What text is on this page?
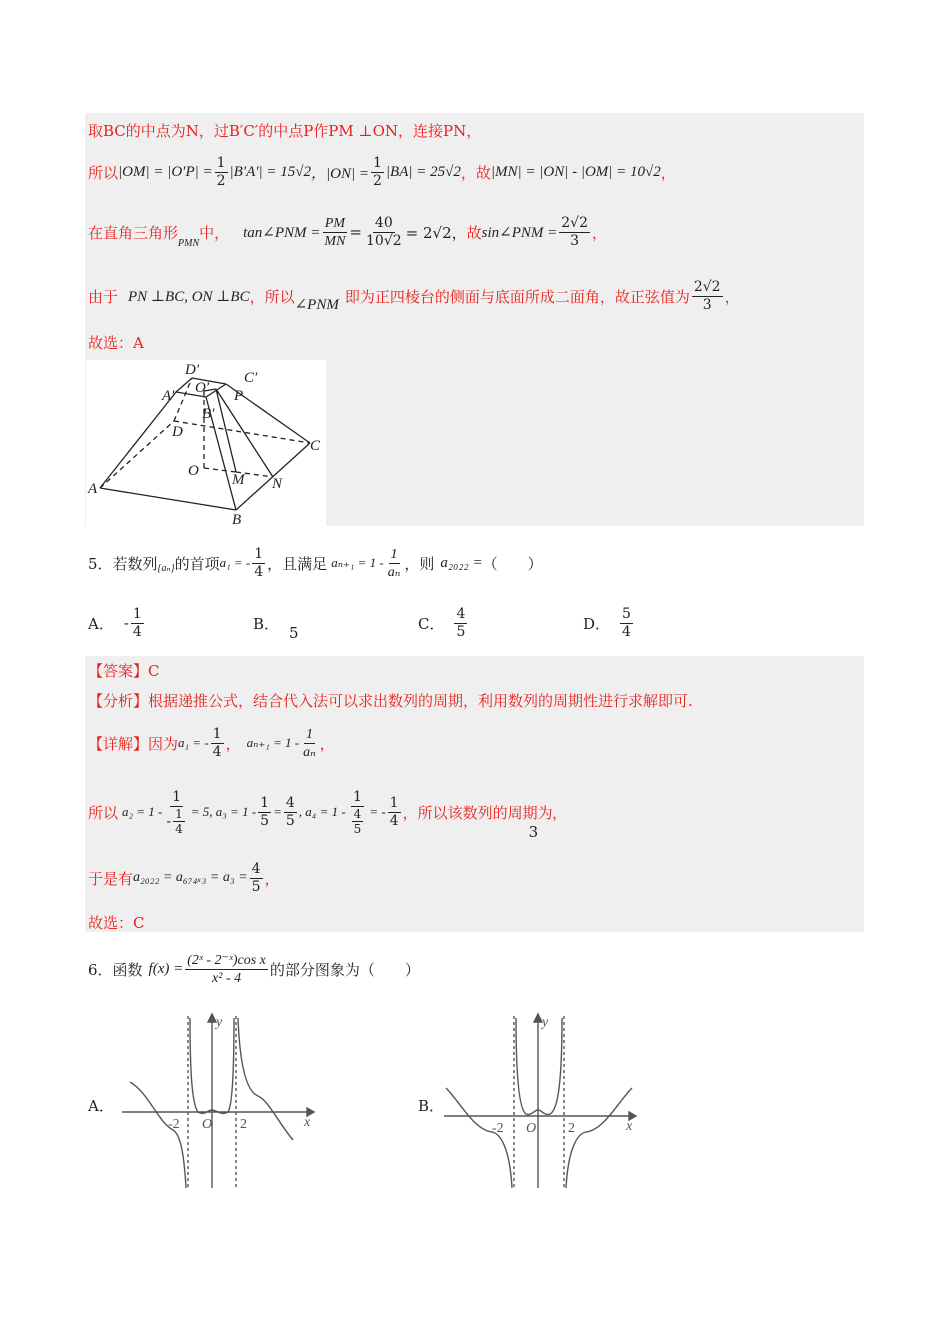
取BC的中点为N，过B′C′的中点P作PM ⊥ON，连接PN，
所以 $|OM| = |O'P| = \frac{1}{2} |B'A'| = 15√2$ ，$|ON| = \frac{1}{2} |BA| = 25√2$ ，故 |MN| = |ON| - |OM| = 10√2 ，
在直角三角形
PMN
中， tan∠PNM = $\frac{PM}{MN} = \frac{40}{10√2} = 2√2$， 故 sin∠PNM = $\frac{2√2}{3}$ ，
由于 PN ⊥BC, ON ⊥BC ，所以 ∠PNM 即为正四棱台的侧面与底面所成二面角，故正弦值为 $\frac{2√2}{3}$ ，
故选：A
D′	C′
A′ O′ P
B′
D
C
O
M N
A
B
5．若数列 {aₙ} 的首项 a₁ = - $\frac{1}{4}$ ，且满足 $a_{n+1} = 1 - \frac{1}{\text{aₙ}}$ ，则 a₂₀₂₂ = （　　）
A． - $\frac{1}{4}$	B．
5
C． $\frac{4}{5}$	D． $\frac{5}{4}$
【答案】C
【分析】根据递推公式，结合代入法可以求出数列的周期，利用数列的周期性进行求解即可.
【详解】 因为 a₁ = - $\frac{1}{4}$ ， $a_{n+1} = 1 - \frac{1}{\text{aₙ}}$ ，
所以 $a_2 = 1 - \frac{1}{- \frac{1}{4}} = 5$, $a_3 = 1 - \frac{1}{5} = \frac{4}{5}$ , $a_4 = 1 - \frac{1}{\frac{4}{5}}$ = - $\frac{1}{4}$ ，所以该数列的周期为
3
，
于是有 $a_{2022} = a_{674x3} = a_3 = \frac{4}{5}$ ，
故选：C
6．函数 $f(x) = \frac{\text{(2ˣ - 2⁻ˣ)cos x}}{\text{x² - 4}}$ 的部分图象为（　　）
A．	B．
y
x
O
-2	2
y
x
O
-2	2
